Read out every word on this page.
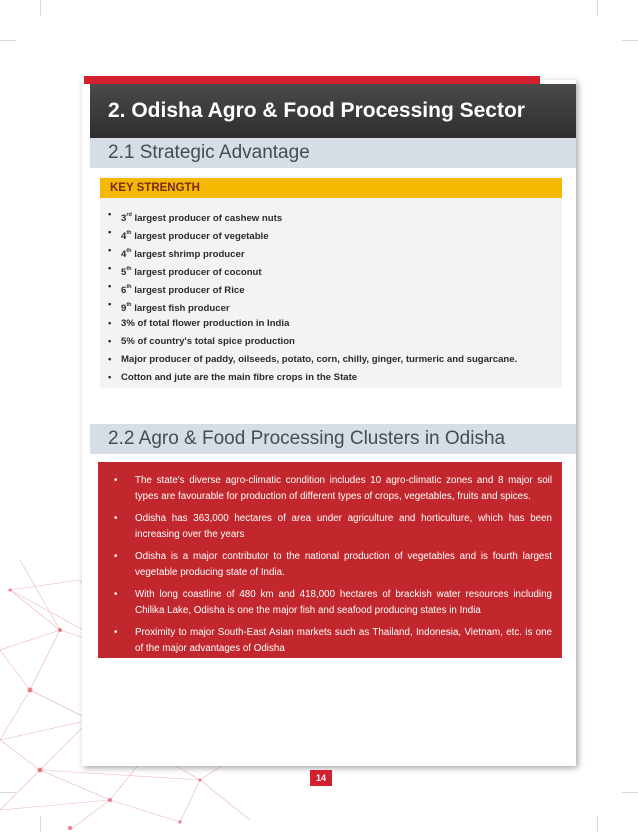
2. Odisha Agro & Food Processing Sector
2.1 Strategic Advantage
KEY STRENGTH
• 3rd largest producer of cashew nuts
• 4th largest producer of vegetable
• 4th largest shrimp producer
• 5th largest producer of coconut
• 6th largest producer of Rice
• 9th largest fish producer
• 3% of total flower production in India
• 5% of country's total spice production
• Major producer of paddy, oilseeds, potato, corn, chilly, ginger, turmeric and sugarcane.
• Cotton and jute are the main fibre crops in the State
2.2 Agro & Food Processing Clusters in Odisha
• The state's diverse agro-climatic condition includes 10 agro-climatic zones and 8 major soil types are favourable for production of different types of crops, vegetables, fruits and spices.
• Odisha has 363,000 hectares of area under agriculture and horticulture, which has been increasing over the years
• Odisha is a major contributor to the national production of vegetables and is fourth largest vegetable producing state of India.
• With long coastline of 480 km and 418,000 hectares of brackish water resources including Chilika Lake, Odisha is one the major fish and seafood producing states in India
• Proximity to major South-East Asian markets such as Thailand, Indonesia, Vietnam, etc. is one of the major advantages of Odisha
14
